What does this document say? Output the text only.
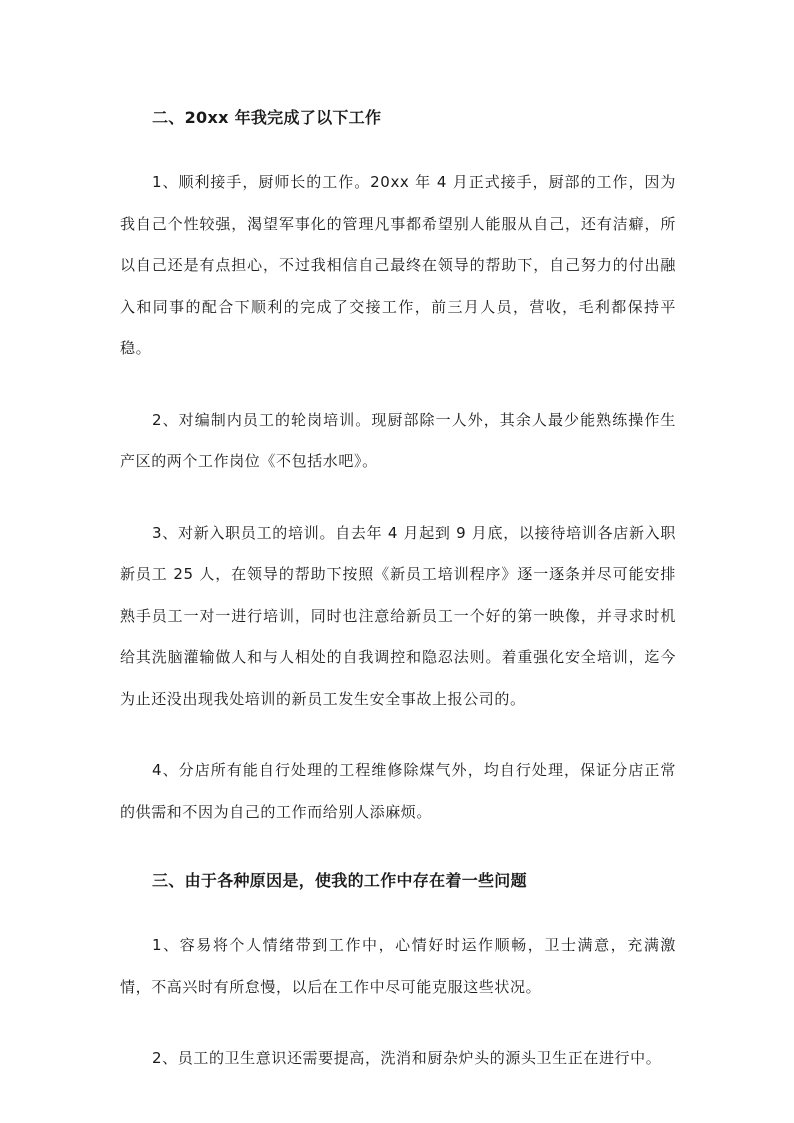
二、20xx 年我完成了以下工作

1、顺利接手，厨师长的工作。20xx 年 4 月正式接手，厨部的工作，因为我自己个性较强，渴望军事化的管理凡事都希望别人能服从自己，还有洁癖，所以自己还是有点担心，不过我相信自己最终在领导的帮助下，自己努力的付出融入和同事的配合下顺利的完成了交接工作，前三月人员，营收，毛利都保持平稳。

2、对编制内员工的轮岗培训。现厨部除一人外，其余人最少能熟练操作生产区的两个工作岗位《不包括水吧》。

3、对新入职员工的培训。自去年 4 月起到 9 月底，以接待培训各店新入职新员工 25 人，在领导的帮助下按照《新员工培训程序》逐一逐条并尽可能安排熟手员工一对一进行培训，同时也注意给新员工一个好的第一映像，并寻求时机给其洗脑灌输做人和与人相处的自我调控和隐忍法则。着重强化安全培训，迄今为止还没出现我处培训的新员工发生安全事故上报公司的。

4、分店所有能自行处理的工程维修除煤气外，均自行处理，保证分店正常的供需和不因为自己的工作而给别人添麻烦。

三、由于各种原因是，使我的工作中存在着一些问题

1、容易将个人情绪带到工作中，心情好时运作顺畅，卫士满意，充满激情，不高兴时有所怠慢，以后在工作中尽可能克服这些状况。

2、员工的卫生意识还需要提高，洗消和厨杂炉头的源头卫生正在进行中。
